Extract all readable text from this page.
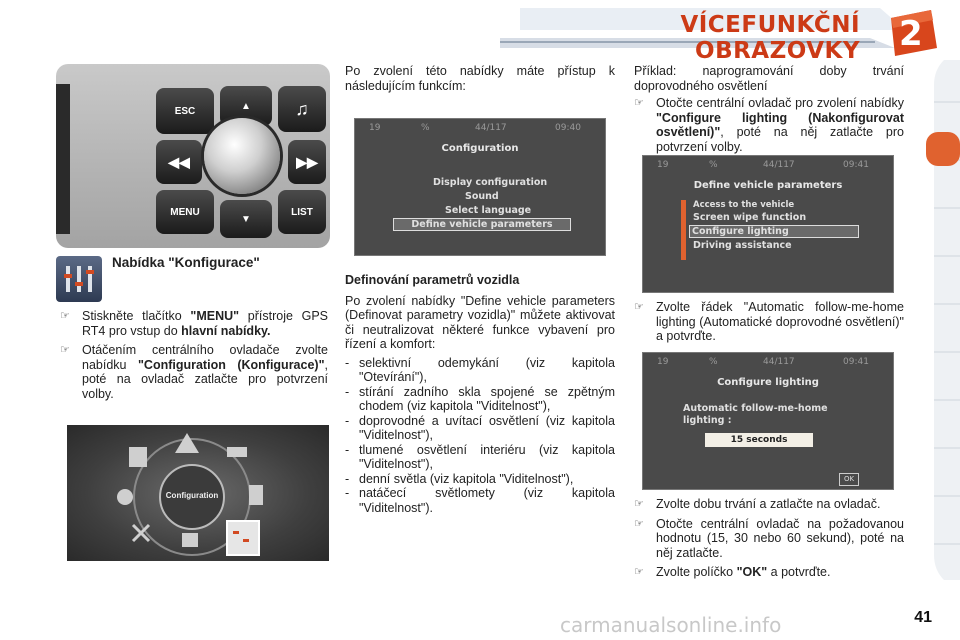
VÍCEFUNKČNÍ OBRAZOVKY 2
ESC	▲	♫
◀◀	▶▶
MENU
▼
LIST
Nabídka "Konfigurace"
☞ Stiskněte tlačítko "MENU" přístroje GPS RT4 pro vstup do hlavní nabídky.
☞ Otáčením centrálního ovladače zvolte nabídku "Configuration (Konfigurace)", poté na ovladač zatlačte pro potvrzení volby.
Configuration
Po zvolení této nabídky máte přístup k následujícím funkcím:
19	%	44/117	09:40
Configuration
Display configuration
Sound
Select language
Define vehicle parameters

Definování parametrů vozidla

Po zvolení nabídky "Define vehicle parameters (Definovat parametry vozidla)" můžete aktivovat či neutralizovat některé funkce vybavení pro řízení a komfort:

- selektivní odemykání (viz kapitola "Otevírání"),
- stírání zadního skla spojené se zpětným chodem (viz kapitola "Viditelnost"),
- doprovodné a uvítací osvětlení (viz kapitola "Viditelnost"),
- tlumené osvětlení interiéru (viz kapitola "Viditelnost"),
- denní světla (viz kapitola "Viditelnost"),
- natáčecí světlomety (viz kapitola "Viditelnost").
Příklad: naprogramování doby trvání doprovodného osvětlení
☞ Otočte centrální ovladač pro zvolení nabídky "Configure lighting (Nakonfigurovat osvětlení)", poté na něj zatlačte pro potvrzení volby.
19	%	44/117	09:41
Define vehicle parameters
Access to the vehicle
Screen wipe function
Configure lighting
Driving assistance
☞ Zvolte řádek "Automatic follow-me-home lighting (Automatické doprovodné osvětlení)" a potvrďte.
19	%	44/117	09:41
Configure lighting
Automatic follow-me-home
lighting :
15 seconds
OK
☞ Zvolte dobu trvání a zatlačte na ovladač.
☞ Otočte centrální ovladač na požadovanou hodnotu (15, 30 nebo 60 sekund), poté na něj zatlačte.
☞ Zvolte políčko "OK" a potvrďte.
carmanualsonline.info	41
